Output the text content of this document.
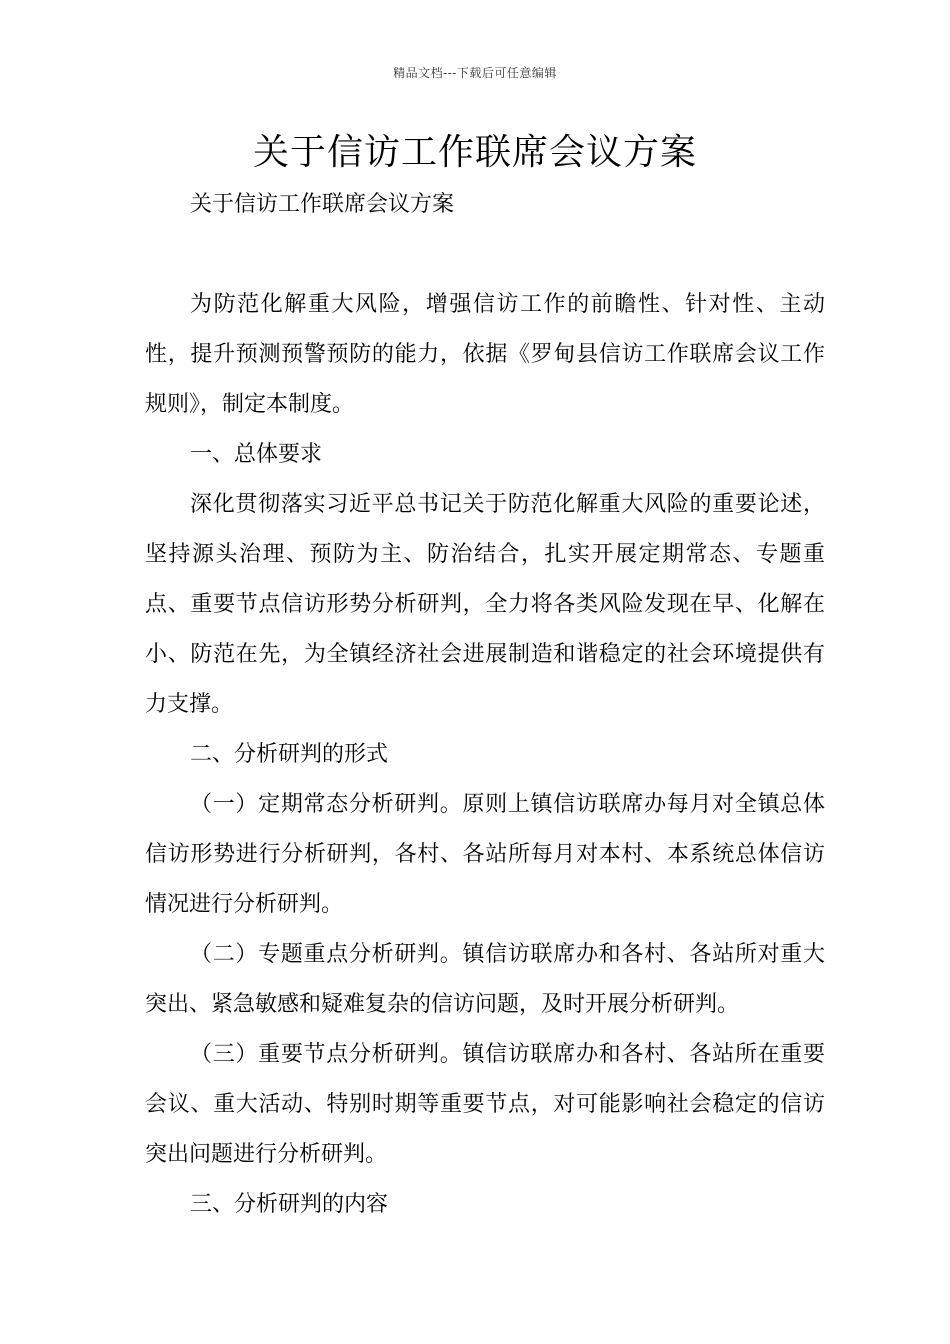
精品文档---下载后可任意编辑
关于信访工作联席会议方案

关于信访工作联席会议方案

为防范化解重大风险，增强信访工作的前瞻性、针对性、主动性，提升预测预警预防的能力，依据《罗甸县信访工作联席会议工作规则》，制定本制度。

一、总体要求

深化贯彻落实习近平总书记关于防范化解重大风险的重要论述，坚持源头治理、预防为主、防治结合，扎实开展定期常态、专题重点、重要节点信访形势分析研判，全力将各类风险发现在早、化解在小、防范在先，为全镇经济社会进展制造和谐稳定的社会环境提供有力支撑。

二、分析研判的形式

（一）定期常态分析研判。原则上镇信访联席办每月对全镇总体信访形势进行分析研判，各村、各站所每月对本村、本系统总体信访情况进行分析研判。

（二）专题重点分析研判。镇信访联席办和各村、各站所对重大突出、紧急敏感和疑难复杂的信访问题，及时开展分析研判。

（三）重要节点分析研判。镇信访联席办和各村、各站所在重要会议、重大活动、特别时期等重要节点，对可能影响社会稳定的信访突出问题进行分析研判。

三、分析研判的内容
